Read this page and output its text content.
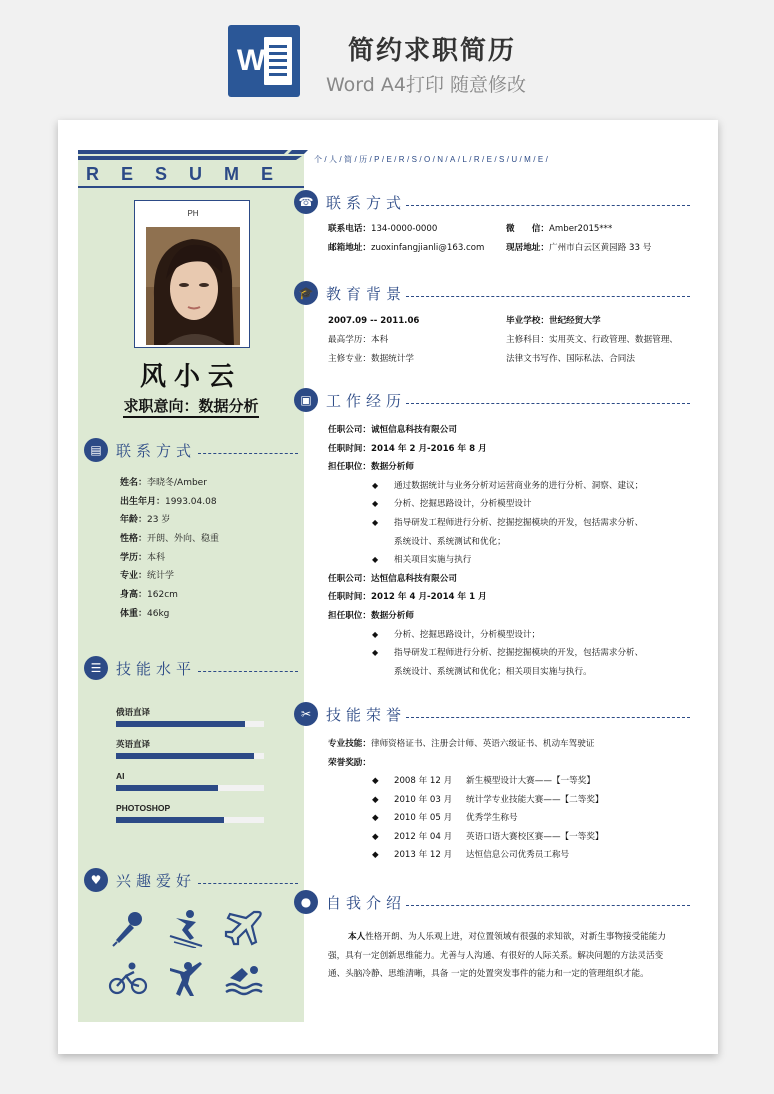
W	简约求职简历
Word A4打印 随意修改
RESUME
PH
风小云
求职意向：数据分析
▤ 联系方式
姓名：李晓冬/Amber
出生年月：1993.04.08
年龄：23 岁
性格：开朗、外向、稳重
学历：本科
专业：统计学
身高：162cm
体重：46kg
☰ 技能水平
俄语直译
英语直译
AI
PHOTOSHOP
♥ 兴趣爱好
个/人/简/历/P/E/R/S/O/N/A/L/R/E/S/U/M/E/
☎ 联系方式
联系电话：134-0000-0000	微　　信：Amber2015***
邮箱地址：zuoxinfangjianli@163.com	现居地址：广州市白云区黄园路 33 号
🎓 教育背景
2007.09 -- 2011.06	毕业学校：世纪经贸大学
最高学历：本科	主修科目：实用英文、行政管理、数据管理、
主修专业：数据统计学	法律文书写作、国际私法、合同法
▣ 工作经历
任职公司：诚恒信息科技有限公司
任职时间：2014 年 2 月-2016 年 8 月
担任职位：数据分析师
◆ 通过数据统计与业务分析对运营商业务的进行分析、洞察、建议；
◆ 分析、挖掘思路设计，分析模型设计
◆ 指导研发工程师进行分析、挖掘挖掘模块的开发，包括需求分析、
系统设计、系统测试和优化；
◆ 相关项目实施与执行
任职公司：达恒信息科技有限公司
任职时间：2012 年 4 月-2014 年 1 月
担任职位：数据分析师
◆ 分析、挖掘思路设计，分析模型设计；
◆ 指导研发工程师进行分析、挖掘挖掘模块的开发，包括需求分析、
系统设计、系统测试和优化；相关项目实施与执行。
✂ 技能荣誉
专业技能：律师资格证书、注册会计师、英语六级证书、机动车驾驶证
荣誉奖励：
◆ 2008 年 12 月 新生模型设计大赛——【一等奖】
◆ 2010 年 03 月 统计学专业技能大赛——【二等奖】
◆ 2010 年 05 月 优秀学生称号
◆ 2012 年 04 月 英语口语大赛校区赛——【一等奖】
◆ 2013 年 12 月 达恒信息公司优秀员工称号
● 自我介绍
本人性格开朗、为人乐观上进，对位置领域有很强的求知欲，对新生事物接受能能力强，具有一定创新思维能力。尤善与人沟通、有很好的人际关系。解决问题的方法灵活变通、头脑冷静、思维清晰，具备 一定的处置突发事件的能力和一定的管理组织才能。
